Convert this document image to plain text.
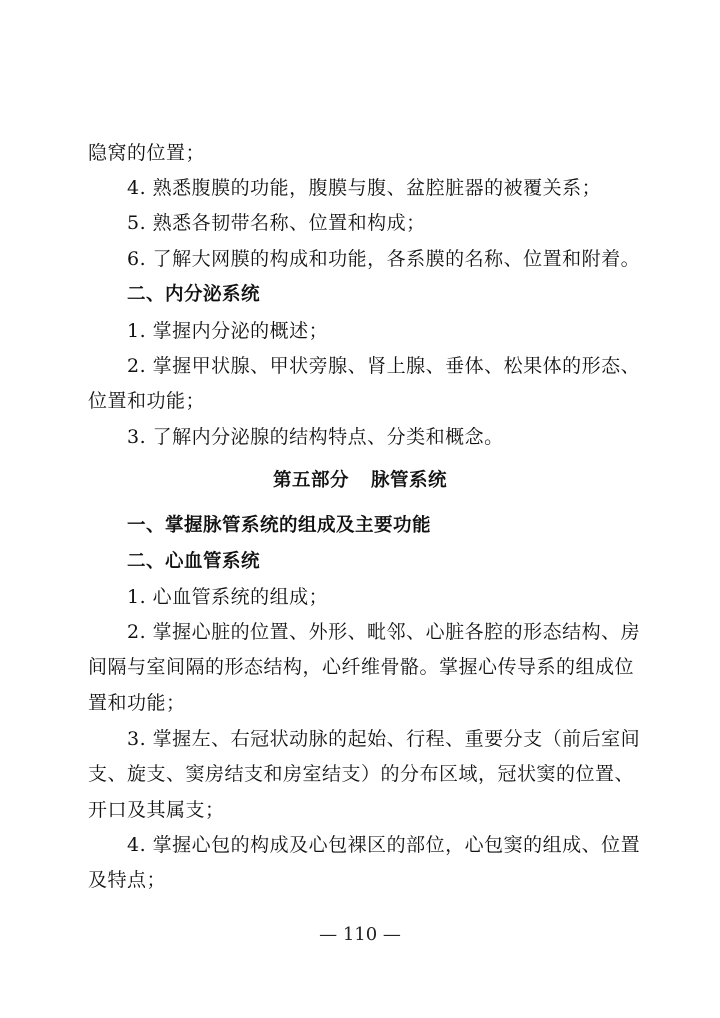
隐窝的位置；
4. 熟悉腹膜的功能，腹膜与腹、盆腔脏器的被覆关系；
5. 熟悉各韧带名称、位置和构成；
6. 了解大网膜的构成和功能，各系膜的名称、位置和附着。
二、内分泌系统
1. 掌握内分泌的概述；
2. 掌握甲状腺、甲状旁腺、肾上腺、垂体、松果体的形态、
位置和功能；
3. 了解内分泌腺的结构特点、分类和概念。
第五部分 脉管系统
一、掌握脉管系统的组成及主要功能
二、心血管系统
1. 心血管系统的组成；
2. 掌握心脏的位置、外形、毗邻、心脏各腔的形态结构、房
间隔与室间隔的形态结构，心纤维骨骼。掌握心传导系的组成位
置和功能；
3. 掌握左、右冠状动脉的起始、行程、重要分支（前后室间
支、旋支、窦房结支和房室结支）的分布区域，冠状窦的位置、
开口及其属支；
4. 掌握心包的构成及心包裸区的部位，心包窦的组成、位置
及特点；
— 110 —
